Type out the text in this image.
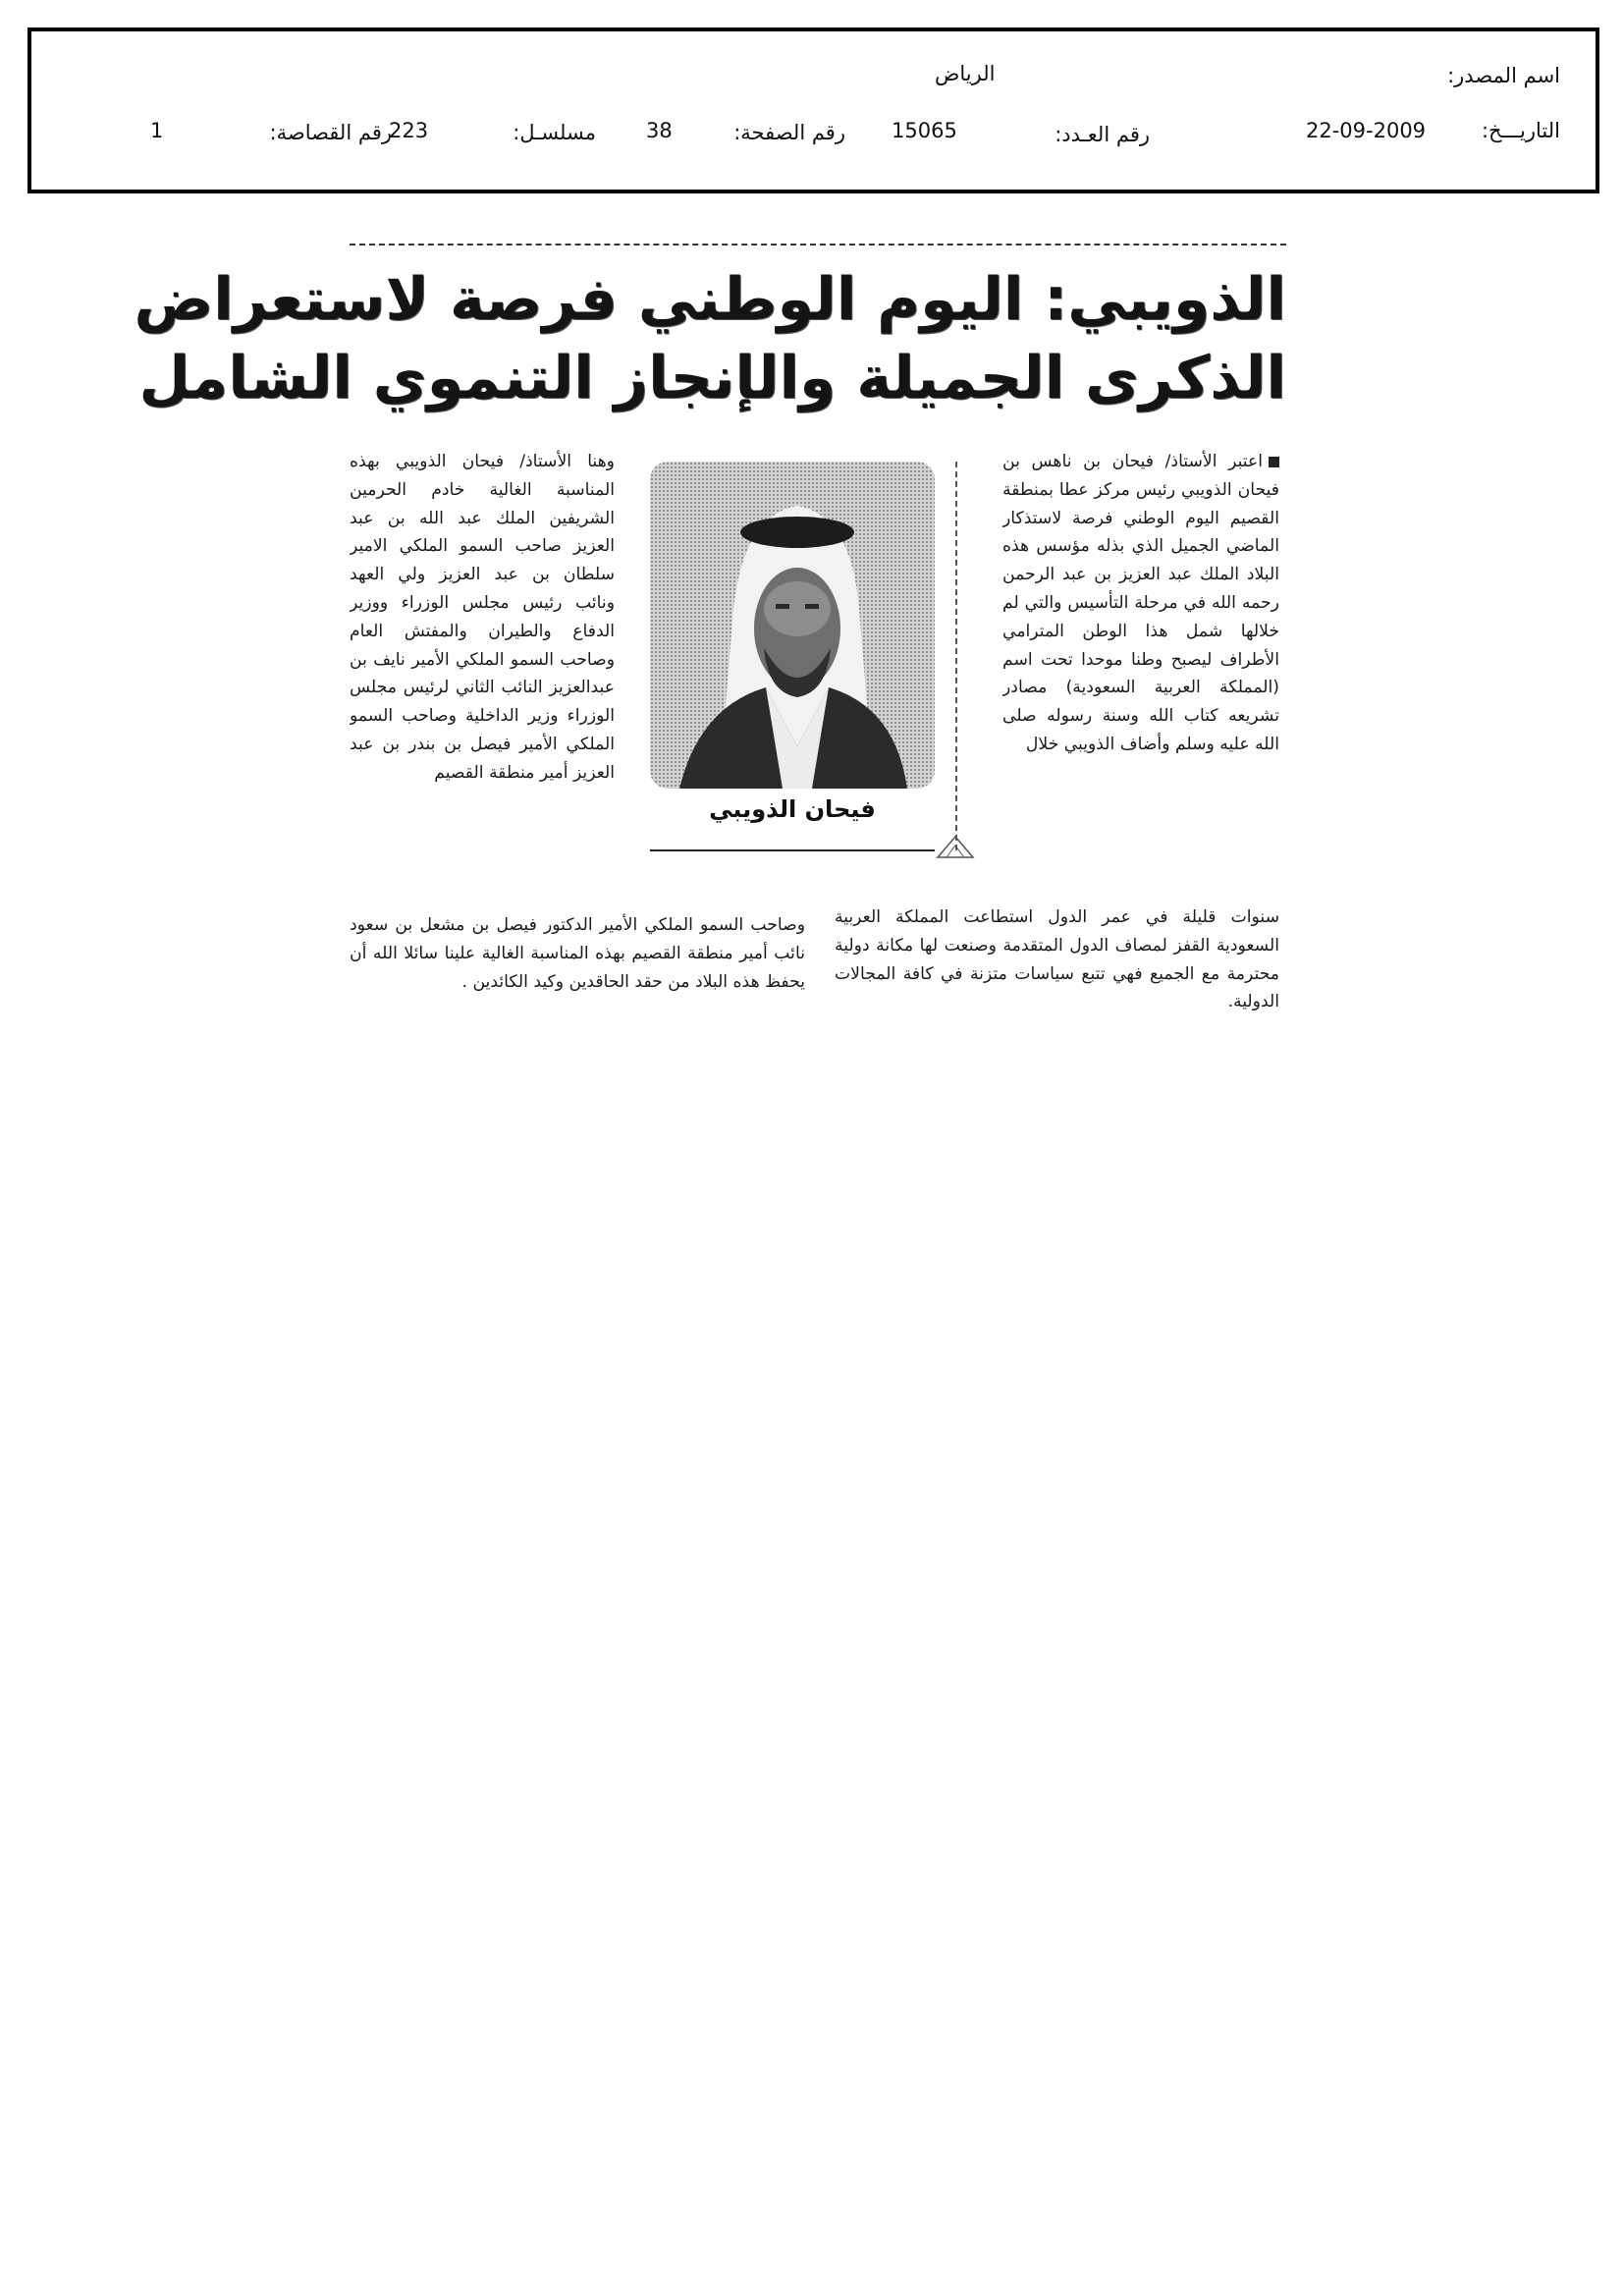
اسم المصدر:
الرياض
التاريـــخ:
22-09-2009
رقم العـدد:
15065
رقم الصفحة:
38
مسلسـل:
223
رقم القصاصة:
1
الذويبي: اليوم الوطني فرصة لاستعراض
الذكرى الجميلة والإنجاز التنموي الشامل
اعتبر الأستاذ/ فيحان بن ناهس بن فيحان الذويبي رئيس مركز عطا بمنطقة القصيم اليوم الوطني فرصة لاستذكار الماضي الجميل الذي بذله مؤسس هذه البلاد الملك عبد العزيز بن عبد الرحمن رحمه الله في مرحلة التأسيس والتي لم خلالها شمل هذا الوطن المترامي الأطراف ليصبح وطنا موحدا تحت اسم (المملكة العربية السعودية) مصادر تشريعه كتاب الله وسنة رسوله صلى الله عليه وسلم وأضاف الذويبي خلال
فيحان الذويبي
وهنا الأستاذ/ فيحان الذويبي بهذه المناسبة الغالية خادم الحرمين الشريفين الملك عبد الله بن عبد العزيز صاحب السمو الملكي الامير سلطان بن عبد العزيز ولي العهد ونائب رئيس مجلس الوزراء ووزير الدفاع والطيران والمفتش العام وصاحب السمو الملكي الأمير نايف بن عبدالعزيز النائب الثاني لرئيس مجلس الوزراء وزير الداخلية وصاحب السمو الملكي الأمير فيصل بن بندر بن عبد العزيز أمير منطقة القصيم
سنوات قليلة في عمر الدول استطاعت المملكة العربية السعودية القفز لمصاف الدول المتقدمة وصنعت لها مكانة دولية محترمة مع الجميع فهي تتبع سياسات متزنة في كافة المجالات الدولية.
وصاحب السمو الملكي الأمير الدكتور فيصل بن مشعل بن سعود نائب أمير منطقة القصيم بهذه المناسبة الغالية علينا سائلا الله أن يحفظ هذه البلاد من حقد الحاقدين وكيد الكائدين .
